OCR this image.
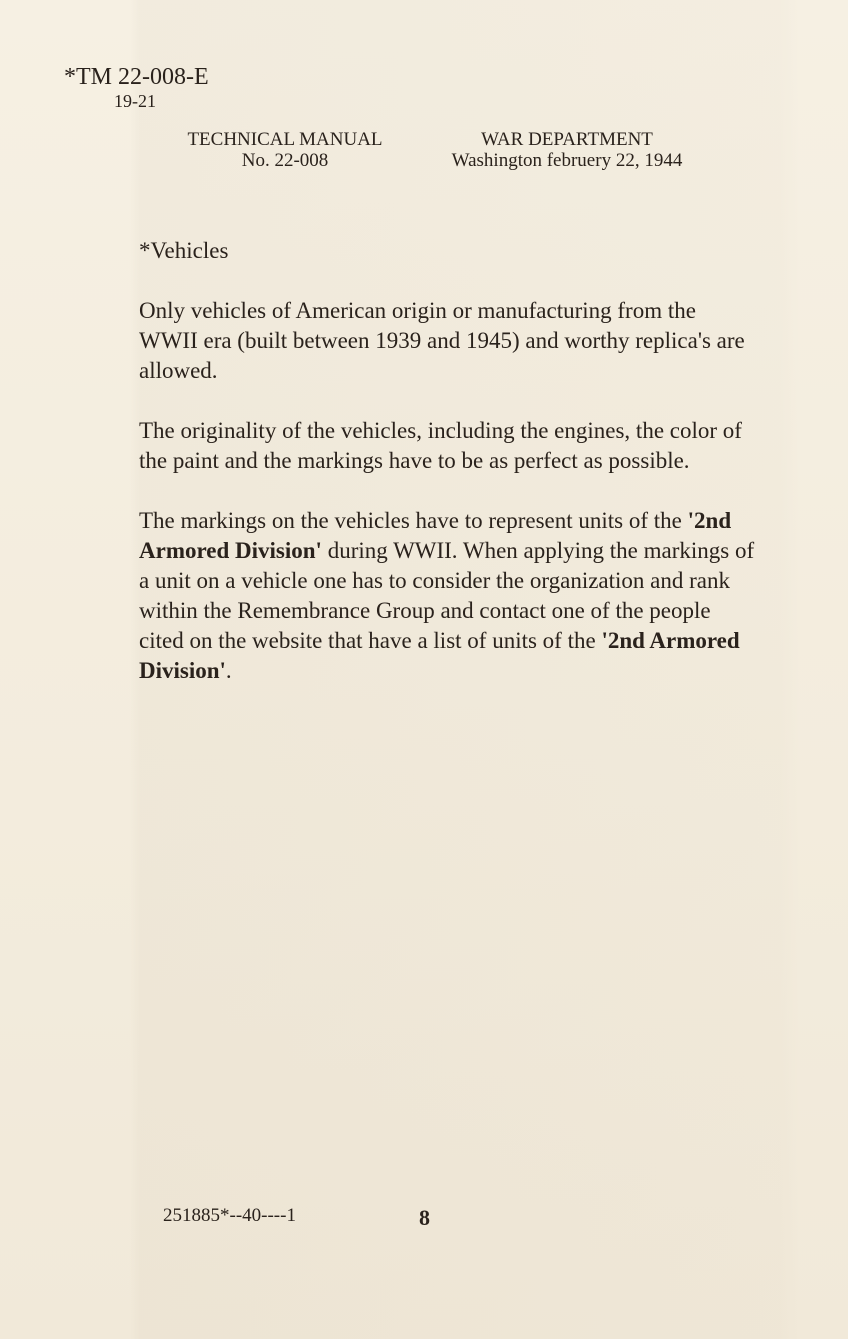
*TM 22-008-E
19-21
TECHNICAL MANUAL
No. 22-008
WAR DEPARTMENT
Washington februery 22, 1944

*Vehicles

Only vehicles of American origin or manufacturing from the WWII era (built between 1939 and 1945) and worthy replica's are allowed.

The originality of the vehicles, including the engines, the color of the paint and the markings have to be as perfect as possible.

The markings on the vehicles have to represent units of the '2nd Armored Division' during WWII. When applying the markings of a unit on a vehicle one has to consider the organization and rank within the Remembrance Group and contact one of the people cited on the website that have a list of units of the '2nd Armored Division'.

251885*--40----1	8
